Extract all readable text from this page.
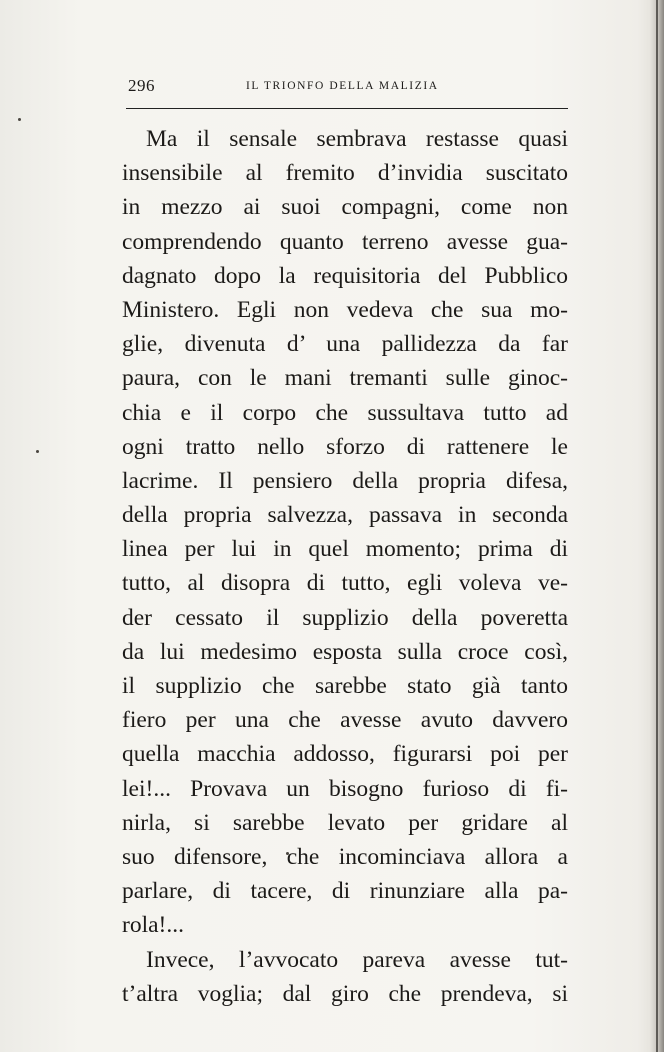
296	IL TRIONFO DELLA MALIZIA
Ma il sensale sembrava restasse quasi
insensibile al fremito d’invidia suscitato
in mezzo ai suoi compagni, come non
comprendendo quanto terreno avesse gua-
dagnato dopo la requisitoria del Pubblico
Ministero. Egli non vedeva che sua mo-
glie, divenuta d’ una pallidezza da far
paura, con le mani tremanti sulle ginoc-
chia e il corpo che sussultava tutto ad
ogni tratto nello sforzo di rattenere le
lacrime. Il pensiero della propria difesa,
della propria salvezza, passava in seconda
linea per lui in quel momento; prima di
tutto, al disopra di tutto, egli voleva ve-
der cessato il supplizio della poveretta
da lui medesimo esposta sulla croce così,
il supplizio che sarebbe stato già tanto
fiero per una che avesse avuto davvero
quella macchia addosso, figurarsi poi per
lei!... Provava un bisogno furioso di fi-
nirla, si sarebbe levato per gridare al
suo difensore, che incominciava allora a
parlare, di tacere, di rinunziare alla pa-
rola!...
Invece, l’avvocato pareva avesse tut-
t’altra voglia; dal giro che prendeva, si
